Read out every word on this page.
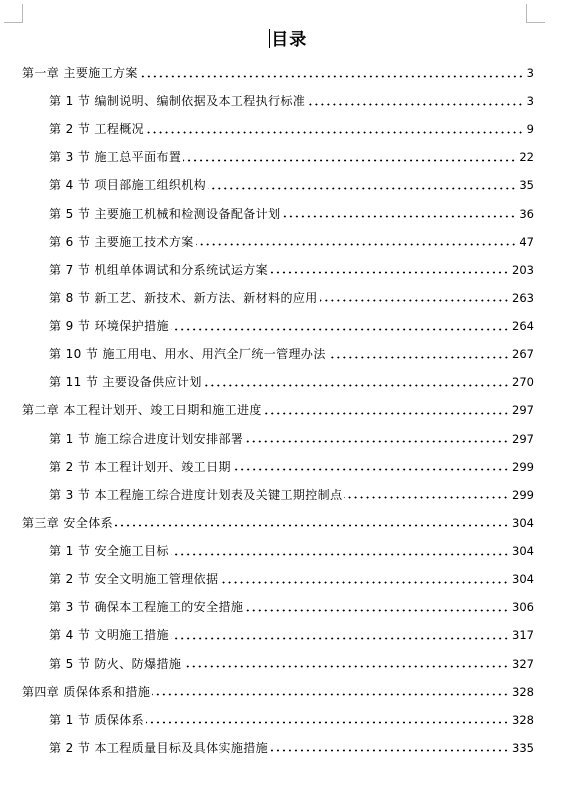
目录
第一章 主要施工方案	3
第 1 节 编制说明、编制依据及本工程执行标准	3
第 2 节 工程概况	9
第 3 节 施工总平面布置	22
第 4 节 项目部施工组织机构	35
第 5 节 主要施工机械和检测设备配备计划	36
第 6 节 主要施工技术方案	47
第 7 节 机组单体调试和分系统试运方案	203
第 8 节 新工艺、新技术、新方法、新材料的应用	263
第 9 节 环境保护措施	264
第 10 节 施工用电、用水、用汽全厂统一管理办法	267
第 11 节 主要设备供应计划	270
第二章 本工程计划开、竣工日期和施工进度	297
第 1 节 施工综合进度计划安排部署	297
第 2 节 本工程计划开、竣工日期	299
第 3 节 本工程施工综合进度计划表及关键工期控制点	299
第三章 安全体系	304
第 1 节 安全施工目标	304
第 2 节 安全文明施工管理依据	304
第 3 节 确保本工程施工的安全措施	306
第 4 节 文明施工措施	317
第 5 节 防火、防爆措施	327
第四章 质保体系和措施	328
第 1 节 质保体系	328
第 2 节 本工程质量目标及具体实施措施	335
